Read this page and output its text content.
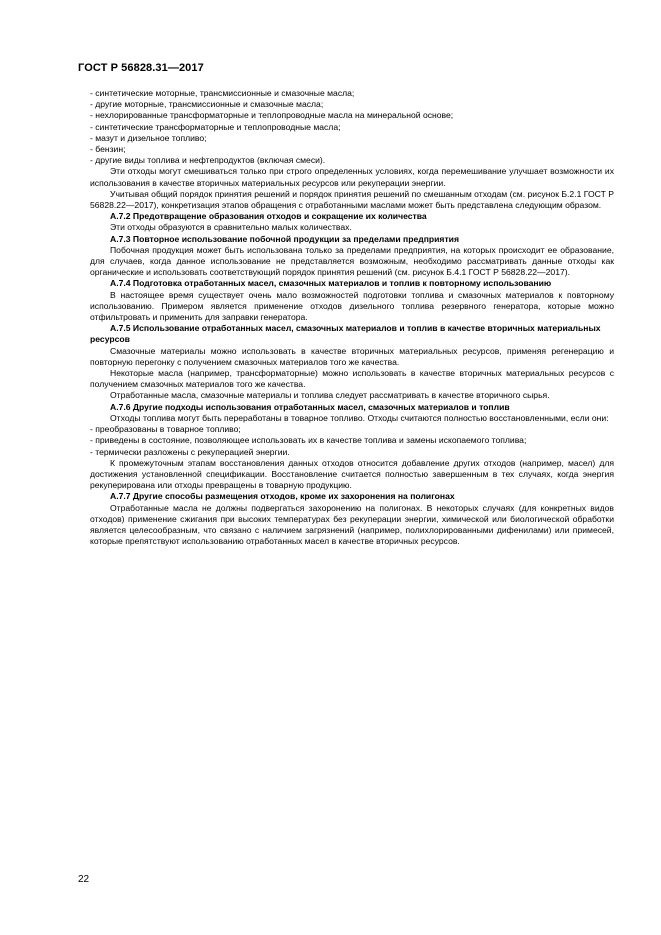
ГОСТ Р 56828.31—2017

- синтетические моторные, трансмиссионные и смазочные масла;

- другие моторные, трансмиссионные и смазочные масла;

- нехлорированные трансформаторные и теплопроводные масла на минеральной основе;

- синтетические трансформаторные и теплопроводные масла;

- мазут и дизельное топливо;

- бензин;

- другие виды топлива и нефтепродуктов (включая смеси).

Эти отходы могут смешиваться только при строго определенных условиях, когда перемешивание улучшает возможности их использования в качестве вторичных материальных ресурсов или рекуперации энергии.

Учитывая общий порядок принятия решений и порядок принятия решений по смешанным отходам (см. рисунок Б.2.1 ГОСТ Р 56828.22—2017), конкретизация этапов обращения с отработанными маслами может быть представлена следующим образом.

А.7.2 Предотвращение образования отходов и сокращение их количества

Эти отходы образуются в сравнительно малых количествах.

А.7.3 Повторное использование побочной продукции за пределами предприятия

Побочная продукция может быть использована только за пределами предприятия, на которых происходит ее образование, для случаев, когда данное использование не представляется возможным, необходимо рассматривать данные отходы как органические и использовать соответствующий порядок принятия решений (см. рисунок Б.4.1 ГОСТ Р 56828.22—2017).

А.7.4 Подготовка отработанных масел, смазочных материалов и топлив к повторному использованию

В настоящее время существует очень мало возможностей подготовки топлива и смазочных материалов к повторному использованию. Примером является применение отходов дизельного топлива резервного генератора, которые можно отфильтровать и применить для заправки генератора.

А.7.5 Использование отработанных масел, смазочных материалов и топлив в качестве вторичных материальных ресурсов

Смазочные материалы можно использовать в качестве вторичных материальных ресурсов, применяя регенерацию и повторную перегонку с получением смазочных материалов того же качества.

Некоторые масла (например, трансформаторные) можно использовать в качестве вторичных материальных ресурсов с получением смазочных материалов того же качества.

Отработанные масла, смазочные материалы и топлива следует рассматривать в качестве вторичного сырья.

А.7.6 Другие подходы использования отработанных масел, смазочных материалов и топлив

Отходы топлива могут быть переработаны в товарное топливо. Отходы считаются полностью восстановленными, если они:

- преобразованы в товарное топливо;

- приведены в состояние, позволяющее использовать их в качестве топлива и замены ископаемого топлива;

- термически разложены с рекуперацией энергии.

К промежуточным этапам восстановления данных отходов относится добавление других отходов (например, масел) для достижения установленной спецификации. Восстановление считается полностью завершенным в тех случаях, когда энергия рекуперирована или отходы превращены в товарную продукцию.

А.7.7 Другие способы размещения отходов, кроме их захоронения на полигонах

Отработанные масла не должны подвергаться захоронению на полигонах. В некоторых случаях (для конкретных видов отходов) применение сжигания при высоких температурах без рекуперации энергии, химической или биологической обработки является целесообразным, что связано с наличием загрязнений (например, полихлорированными дифенилами) или примесей, которые препятствуют использованию отработанных масел в качестве вторичных ресурсов.

22
